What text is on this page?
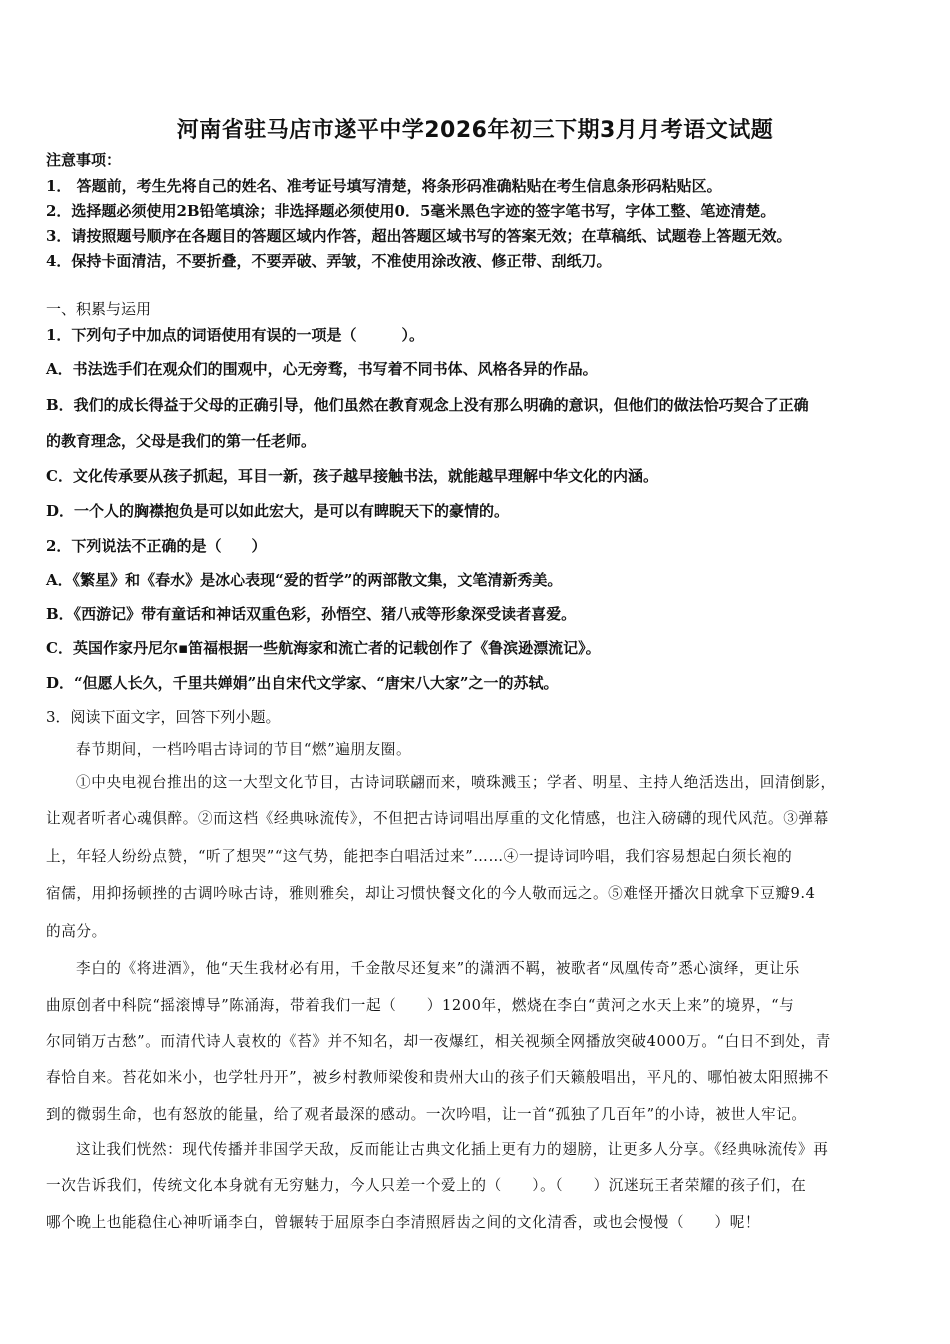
河南省驻马店市遂平中学2026年初三下期3月月考语文试题
注意事项：
1． 答题前，考生先将自己的姓名、准考证号填写清楚，将条形码准确粘贴在考生信息条形码粘贴区。
2．选择题必须使用2B铅笔填涂；非选择题必须使用0．5毫米黑色字迹的签字笔书写，字体工整、笔迹清楚。
3．请按照题号顺序在各题目的答题区域内作答，超出答题区域书写的答案无效；在草稿纸、试题卷上答题无效。
4．保持卡面清洁，不要折叠，不要弄破、弄皱，不准使用涂改液、修正带、刮纸刀。
一、积累与运用
1．下列句子中加点的词语使用有误的一项是（　　　）。
A．书法选手们在观众们的围观中，心无旁骛，书写着不同书体、风格各异的作品。
B．我们的成长得益于父母的正确引导，他们虽然在教育观念上没有那么明确的意识，但他们的做法恰巧契合了正确
的教育理念，父母是我们的第一任老师。
C．文化传承要从孩子抓起，耳目一新，孩子越早接触书法，就能越早理解中华文化的内涵。
D．一个人的胸襟抱负是可以如此宏大，是可以有睥睨天下的豪情的。
2．下列说法不正确的是（　　）
A．《繁星》和《春水》是冰心表现“爱的哲学”的两部散文集，文笔清新秀美。
B．《西游记》带有童话和神话双重色彩，孙悟空、猪八戒等形象深受读者喜爱。
C．英国作家丹尼尔▪笛福根据一些航海家和流亡者的记载创作了《鲁滨逊漂流记》。
D．“但愿人长久，千里共婵娟”出自宋代文学家、“唐宋八大家”之一的苏轼。
3．阅读下面文字，回答下列小题。
春节期间，一档吟唱古诗词的节目“燃”遍朋友圈。
①中央电视台推出的这一大型文化节目，古诗词联翩而来，喷珠溅玉；学者、明星、主持人绝活迭出，回清倒影，
让观者听者心魂俱醉。②而这档《经典咏流传》，不但把古诗词唱出厚重的文化情感，也注入磅礴的现代风范。③弹幕
上，年轻人纷纷点赞，“听了想哭”“这气势，能把李白唱活过来”……④一提诗词吟唱，我们容易想起白须长袍的
宿儒，用抑扬顿挫的古调吟咏古诗，雅则雅矣，却让习惯快餐文化的今人敬而远之。⑤难怪开播次日就拿下豆瓣9.4
的高分。
李白的《将进酒》，他“天生我材必有用，千金散尽还复来”的潇洒不羁，被歌者“凤凰传奇”悉心演绎，更让乐
曲原创者中科院“摇滚博导”陈涌海，带着我们一起（　　）1200年，燃烧在李白“黄河之水天上来”的境界，“与
尔同销万古愁”。而清代诗人袁枚的《苔》并不知名，却一夜爆红，相关视频全网播放突破4000万。“白日不到处，青
春恰自来。苔花如米小，也学牡丹开”，被乡村教师梁俊和贵州大山的孩子们天籁般唱出，平凡的、哪怕被太阳照拂不
到的微弱生命，也有怒放的能量，给了观者最深的感动。一次吟唱，让一首“孤独了几百年”的小诗，被世人牢记。
这让我们恍然：现代传播并非国学天敌，反而能让古典文化插上更有力的翅膀，让更多人分享。《经典咏流传》再
一次告诉我们，传统文化本身就有无穷魅力，今人只差一个爱上的（　　）。（　　）沉迷玩王者荣耀的孩子们，在
哪个晚上也能稳住心神听诵李白，曾辗转于屈原李白李清照唇齿之间的文化清香，或也会慢慢（　　）呢！
